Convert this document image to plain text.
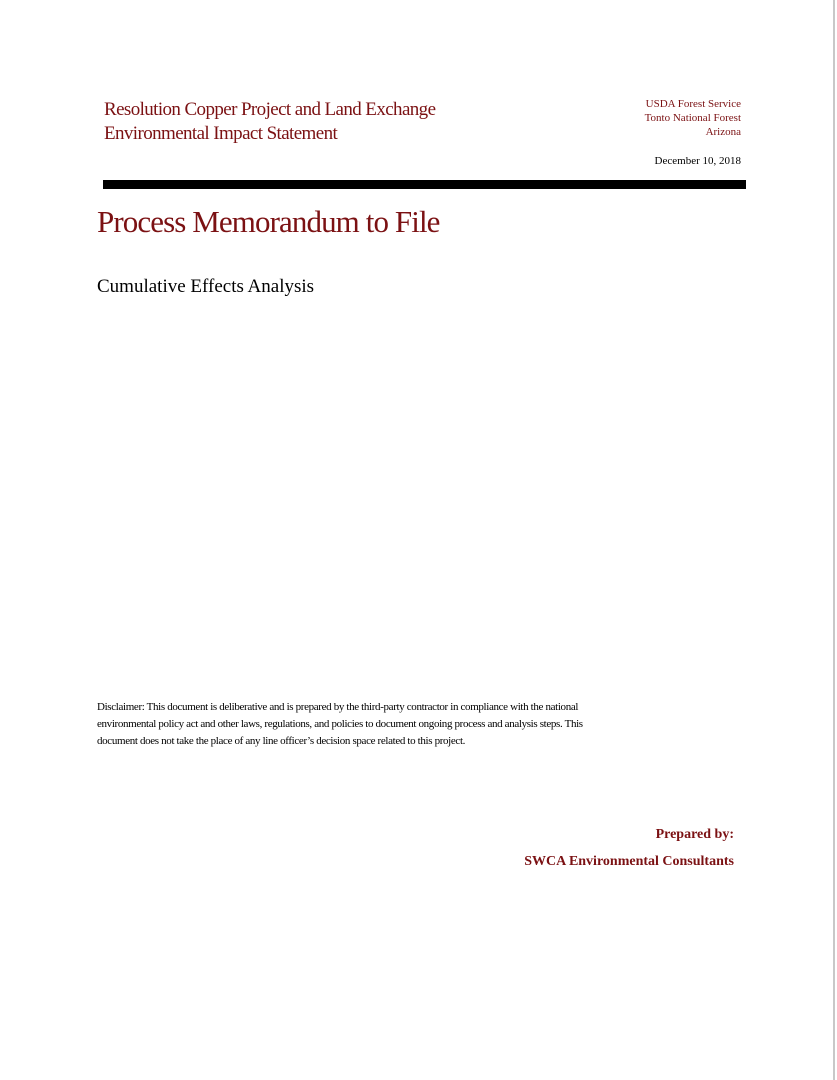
Resolution Copper Project and Land Exchange
Environmental Impact Statement
USDA Forest Service
Tonto National Forest
Arizona
December 10, 2018
Process Memorandum to File
Cumulative Effects Analysis
Disclaimer: This document is deliberative and is prepared by the third-party contractor in compliance with the national
environmental policy act and other laws, regulations, and policies to document ongoing process and analysis steps. This
document does not take the place of any line officer’s decision space related to this project.
Prepared by:
SWCA Environmental Consultants
